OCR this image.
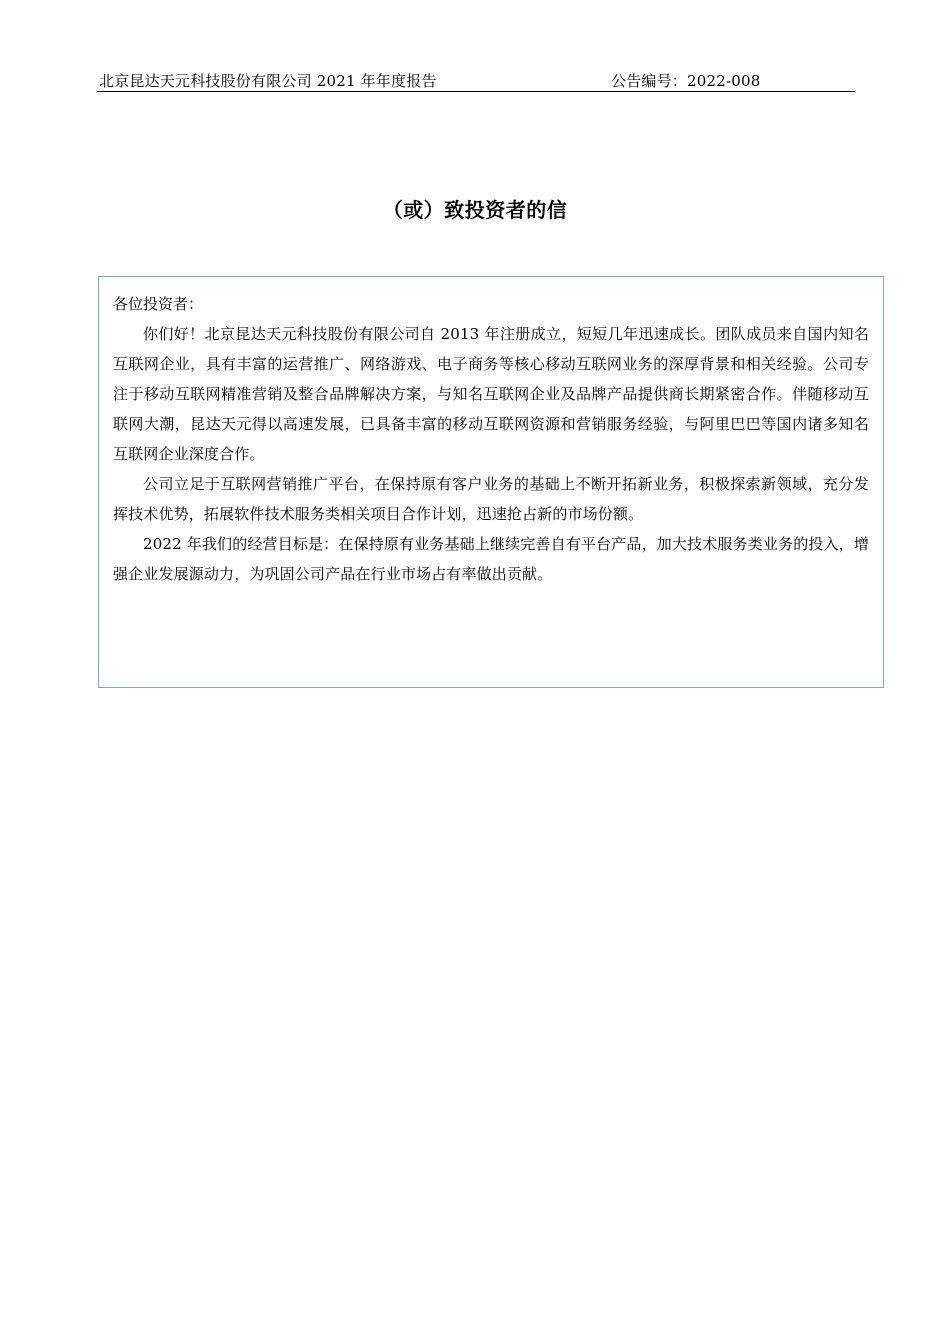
北京昆达天元科技股份有限公司 2021 年年度报告	公告编号：2022-008
（或）致投资者的信

各位投资者：

你们好！北京昆达天元科技股份有限公司自 2013 年注册成立，短短几年迅速成长。团队成员来自国内知名互联网企业，具有丰富的运营推广、网络游戏、电子商务等核心移动互联网业务的深厚背景和相关经验。公司专注于移动互联网精准营销及整合品牌解决方案，与知名互联网企业及品牌产品提供商长期紧密合作。伴随移动互联网大潮，昆达天元得以高速发展，已具备丰富的移动互联网资源和营销服务经验，与阿里巴巴等国内诸多知名互联网企业深度合作。

公司立足于互联网营销推广平台，在保持原有客户业务的基础上不断开拓新业务，积极探索新领域，充分发挥技术优势，拓展软件技术服务类相关项目合作计划，迅速抢占新的市场份额。

2022 年我们的经营目标是：在保持原有业务基础上继续完善自有平台产品，加大技术服务类业务的投入，增强企业发展源动力，为巩固公司产品在行业市场占有率做出贡献。
